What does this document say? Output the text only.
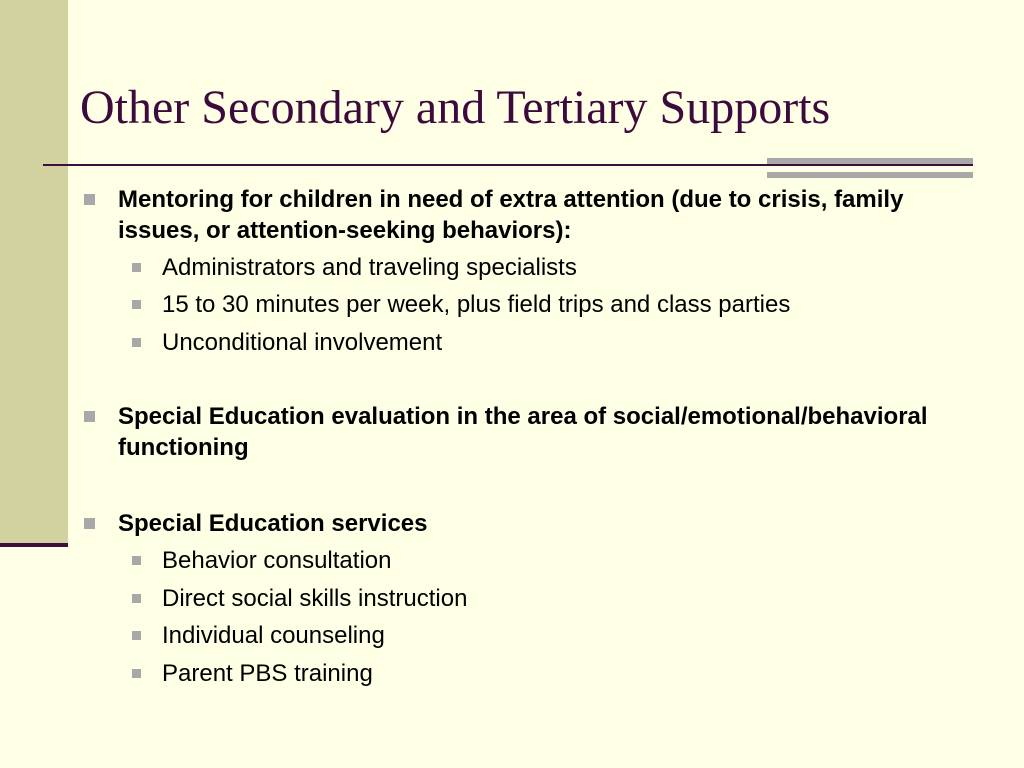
Other Secondary and Tertiary Supports
Mentoring for children in need of extra attention (due to crisis, family issues, or attention-seeking behaviors):
Administrators and traveling specialists
15 to 30 minutes per week, plus field trips and class parties
Unconditional involvement
Special Education evaluation in the area of social/emotional/behavioral functioning
Special Education services
Behavior consultation
Direct social skills instruction
Individual counseling
Parent PBS training
